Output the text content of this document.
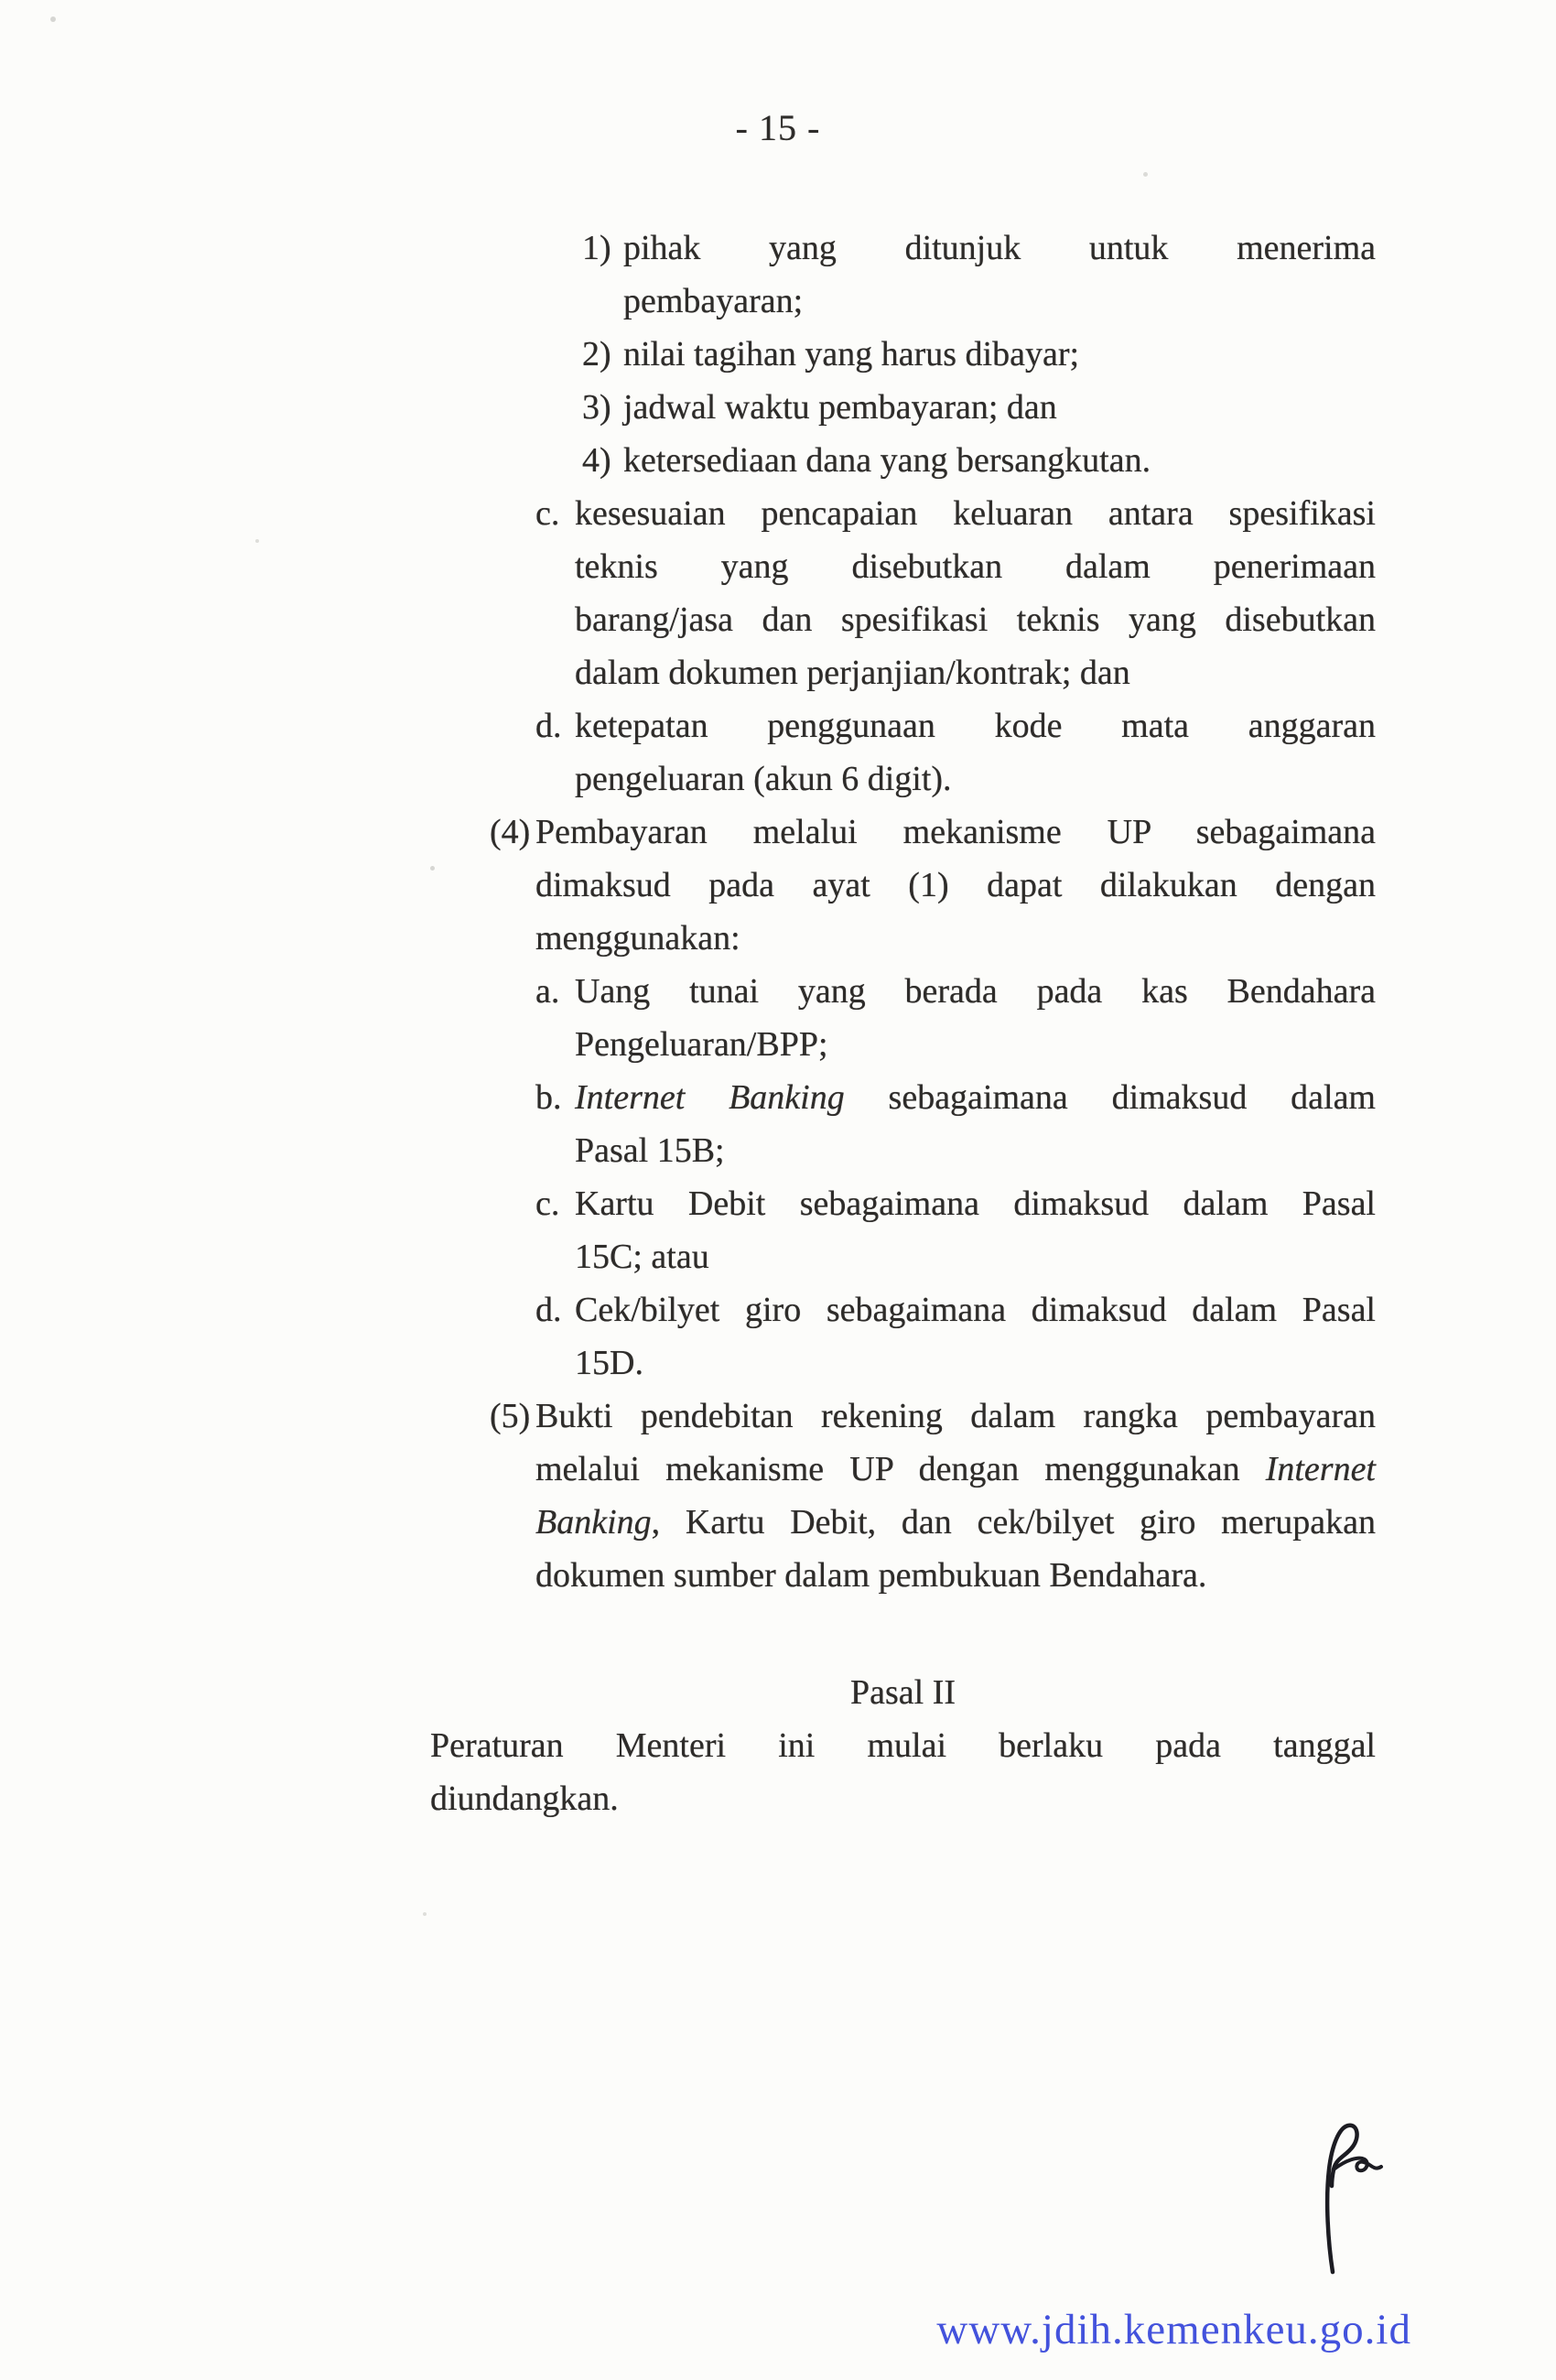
- 15 -
1) pihak yang ditunjuk untuk menerima
pembayaran;
2) nilai tagihan yang harus dibayar;
3) jadwal waktu pembayaran; dan
4) ketersediaan dana yang bersangkutan.
c. kesesuaian pencapaian keluaran antara spesifikasi
teknis yang disebutkan dalam penerimaan
barang/jasa dan spesifikasi teknis yang disebutkan
dalam dokumen perjanjian/kontrak; dan
d. ketepatan penggunaan kode mata anggaran
pengeluaran (akun 6 digit).
(4) Pembayaran melalui mekanisme UP sebagaimana
dimaksud pada ayat (1) dapat dilakukan dengan
menggunakan:
a. Uang tunai yang berada pada kas Bendahara
Pengeluaran/BPP;
b. Internet Banking sebagaimana dimaksud dalam
Pasal 15B;
c. Kartu Debit sebagaimana dimaksud dalam Pasal
15C; atau
d. Cek/bilyet giro sebagaimana dimaksud dalam Pasal
15D.
(5) Bukti pendebitan rekening dalam rangka pembayaran
melalui mekanisme UP dengan menggunakan Internet
Banking, Kartu Debit, dan cek/bilyet giro merupakan
dokumen sumber dalam pembukuan Bendahara.
Pasal II
Peraturan Menteri ini mulai berlaku pada tanggal
diundangkan.
www.jdih.kemenkeu.go.id
